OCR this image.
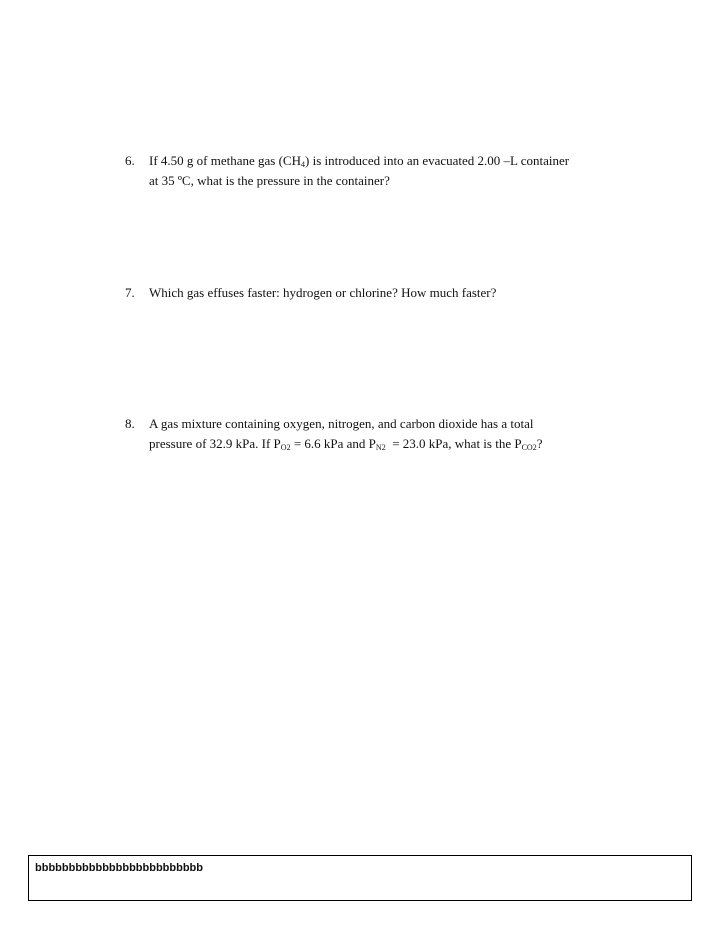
6.	If 4.50 g of methane gas $(CH_4)$ is introduced into an evacuated 2.00 –L container
at 35 ºC, what is the pressure in the container?
7.	Which gas effuses faster: hydrogen or chlorine? How much faster?
8.	A gas mixture containing oxygen, nitrogen, and carbon dioxide has a total
pressure of 32.9 kPa. If $P_{O2} = 6.6$ kPa and $P_{N2} = 23.0$ kPa, what is the $P_{CO2}$?
bbbbbbbbbbbbbbbbbbbbbbbbb
